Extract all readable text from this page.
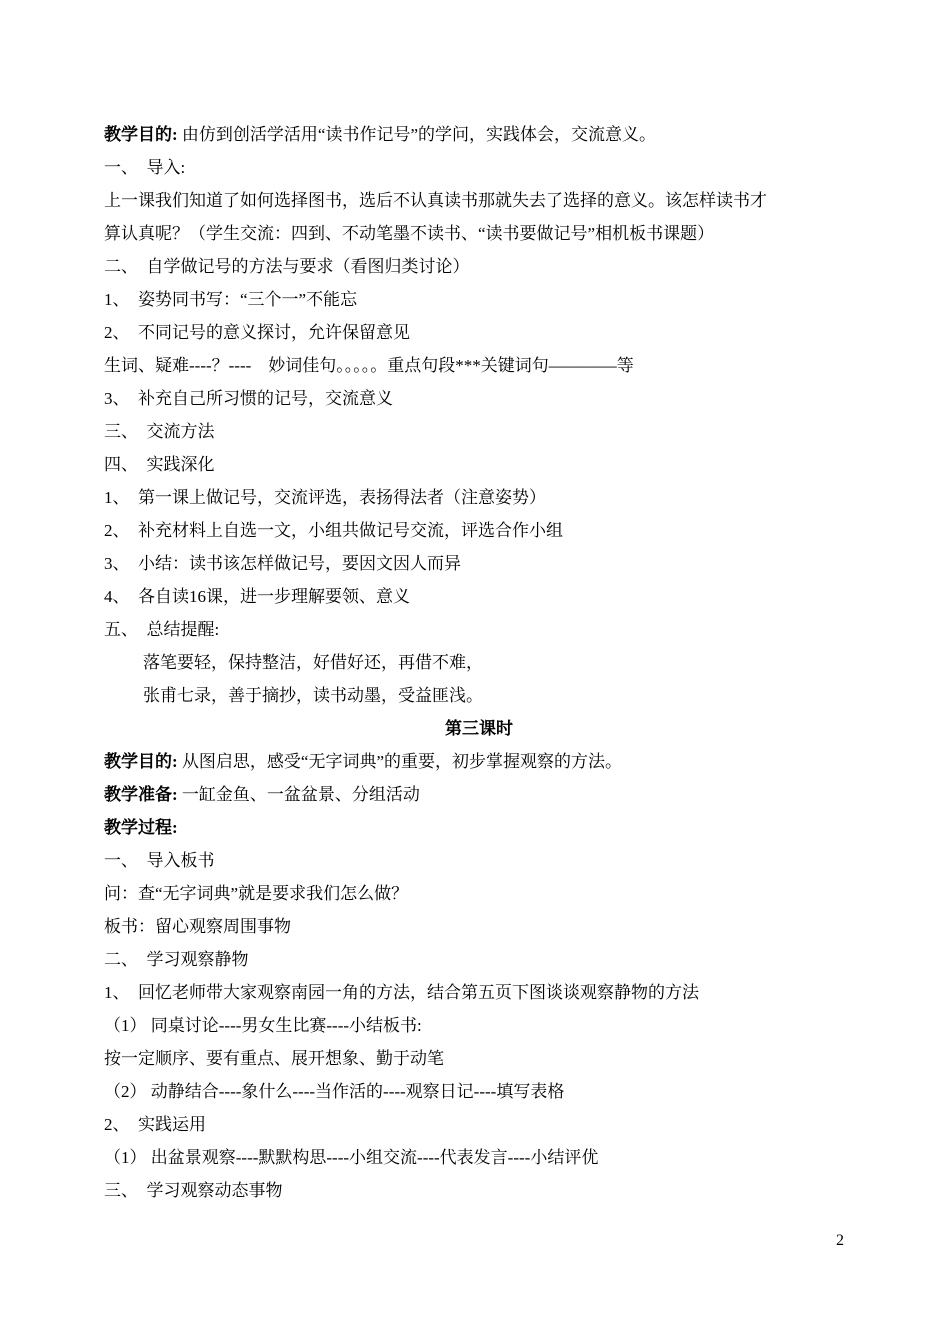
教学目的: 由仿到创活学活用“读书作记号”的学问，实践体会，交流意义。
一、  导入:
上一课我们知道了如何选择图书，选后不认真读书那就失去了选择的意义。该怎样读书才
算认真呢？（学生交流：四到、不动笔墨不读书、“读书要做记号”相机板书课题）
二、  自学做记号的方法与要求（看图归类讨论）
1、  姿势同书写：“三个一”不能忘
2、  不同记号的意义探讨，允许保留意见
生词、疑难----？----    妙词佳句。。。。。重点句段***关键词句————等
3、  补充自己所习惯的记号，交流意义
三、  交流方法
四、  实践深化
1、  第一课上做记号，交流评选，表扬得法者（注意姿势）
2、  补充材料上自选一文，小组共做记号交流，评选合作小组
3、  小结：读书该怎样做记号，要因文因人而异
4、  各自读16课，进一步理解要领、意义
五、  总结提醒:
落笔要轻，保持整洁，好借好还，再借不难，
张甫七录，善于摘抄，读书动墨，受益匪浅。
第三课时
教学目的: 从图启思，感受“无字词典”的重要，初步掌握观察的方法。
教学准备: 一缸金鱼、一盆盆景、分组活动
教学过程:
一、  导入板书
问：查“无字词典”就是要求我们怎么做？
板书：留心观察周围事物
二、  学习观察静物
1、  回忆老师带大家观察南园一角的方法，结合第五页下图谈谈观察静物的方法
（1） 同桌讨论----男女生比赛----小结板书:
按一定顺序、要有重点、展开想象、勤于动笔
（2） 动静结合----象什么----当作活的----观察日记----填写表格
2、  实践运用
（1） 出盆景观察----默默构思----小组交流----代表发言----小结评优
三、  学习观察动态事物
2
